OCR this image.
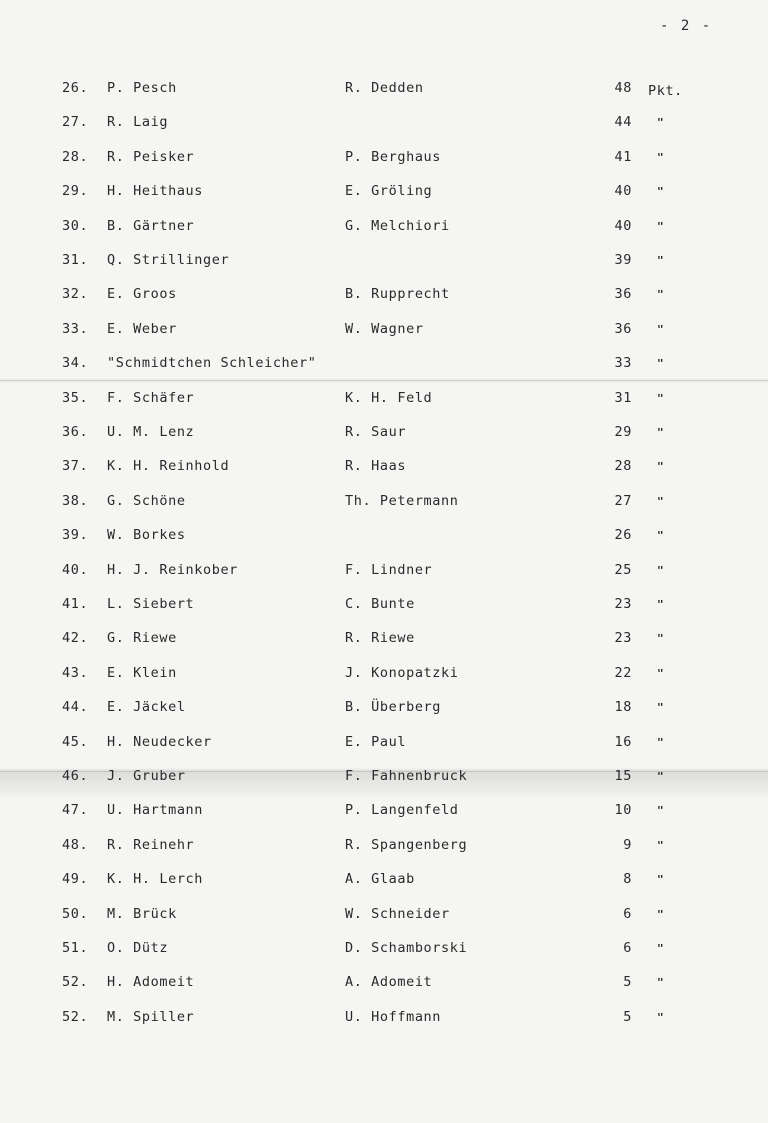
- 2 -
26. P. Pesch	R. Dedden	48 Pkt.
27. R. Laig	44 "
28. R. Peisker	P. Berghaus	41 "
29. H. Heithaus	E. Gröling	40 "
30. B. Gärtner	G. Melchiori	40 "
31. Q. Strillinger	39 "
32. E. Groos	B. Rupprecht	36 "
33. E. Weber	W. Wagner	36 "
34. "Schmidtchen Schleicher"	33 "
35. F. Schäfer	K. H. Feld	31 "
36. U. M. Lenz	R. Saur	29 "
37. K. H. Reinhold	R. Haas	28 "
38. G. Schöne	Th. Petermann	27 "
39. W. Borkes	26 "
40. H. J. Reinkober	F. Lindner	25 "
41. L. Siebert	C. Bunte	23 "
42. G. Riewe	R. Riewe	23 "
43. E. Klein	J. Konopatzki	22 "
44. E. Jäckel	B. Überberg	18 "
45. H. Neudecker	E. Paul	16 "
46. J. Gruber	F. Fahnenbruck	15 "
47. U. Hartmann	P. Langenfeld	10 "
48. R. Reinehr	R. Spangenberg	9 "
49. K. H. Lerch	A. Glaab	8 "
50. M. Brück	W. Schneider	6 "
51. O. Dütz	D. Schamborski	6 "
52. H. Adomeit	A. Adomeit	5 "
52. M. Spiller	U. Hoffmann	5 "
